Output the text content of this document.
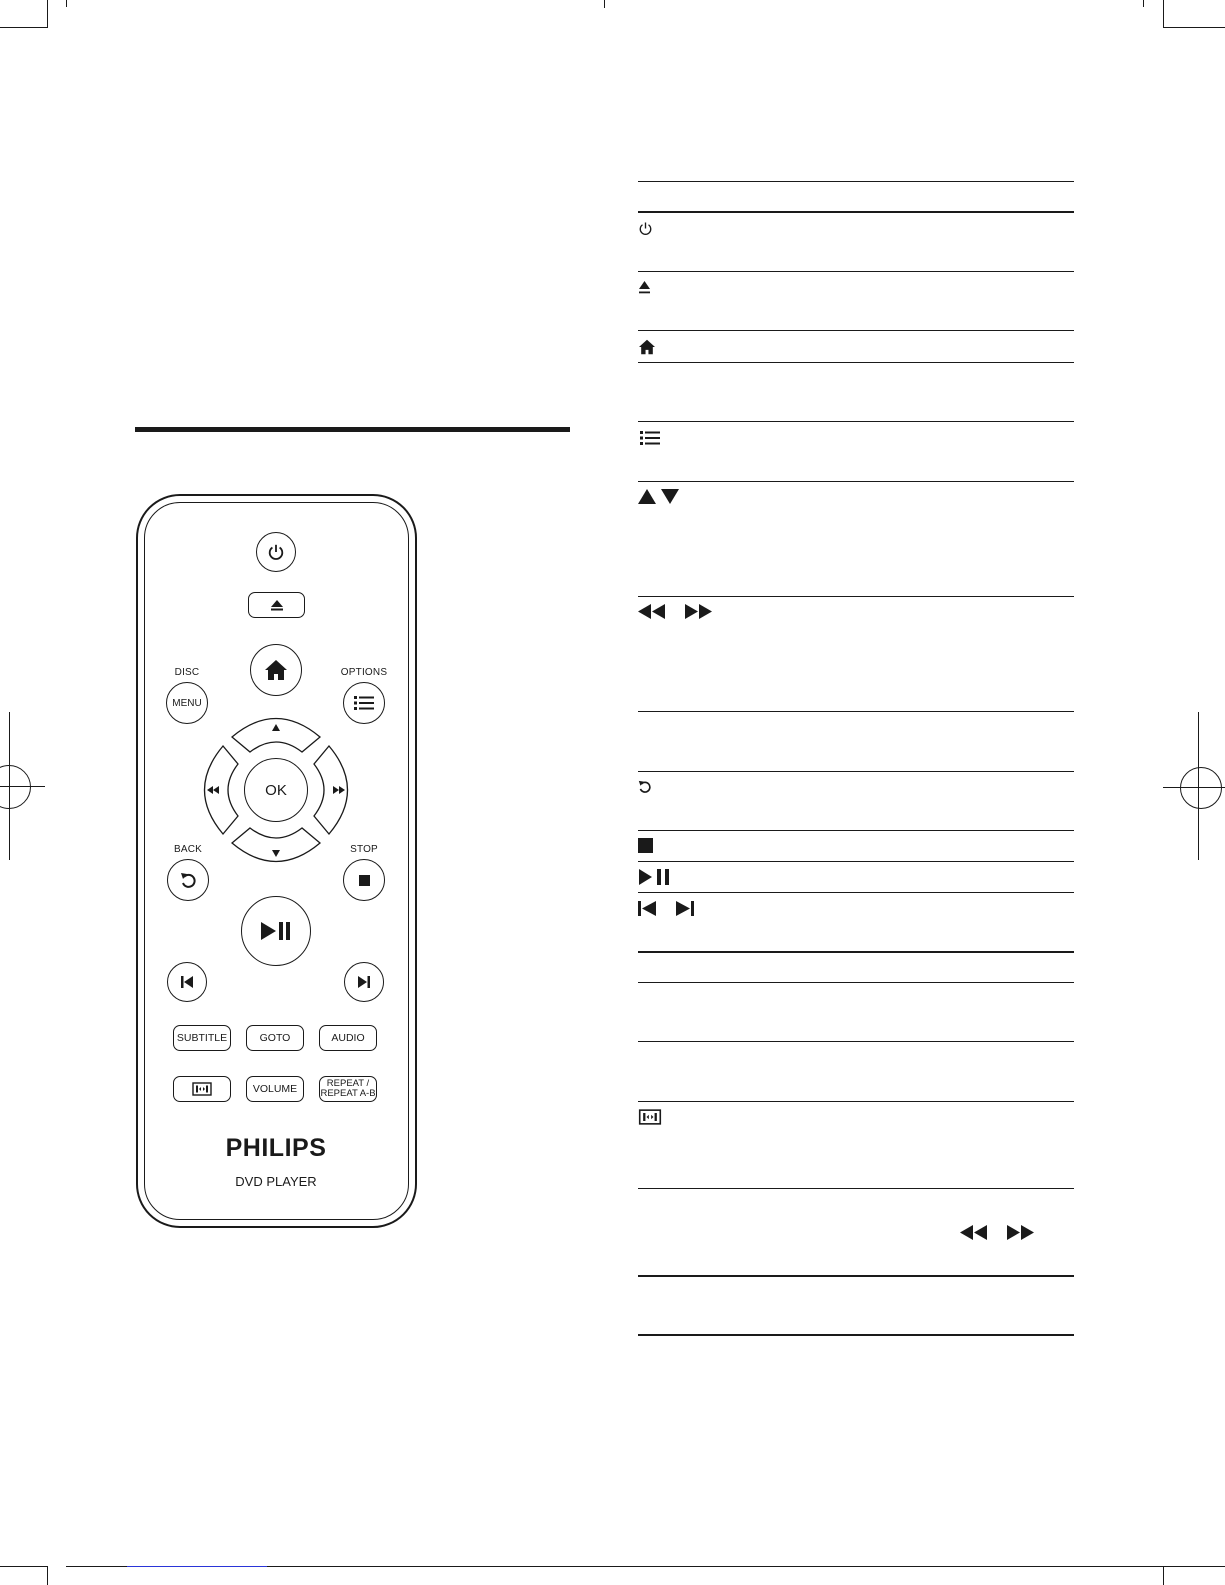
DISC
MENU
OPTIONS
OK
BACK	STOP
SUBTITLE	GOTO	AUDIO
VOLUME	REPEAT /
REPEAT A-B
PHILIPS
DVD PLAYER
